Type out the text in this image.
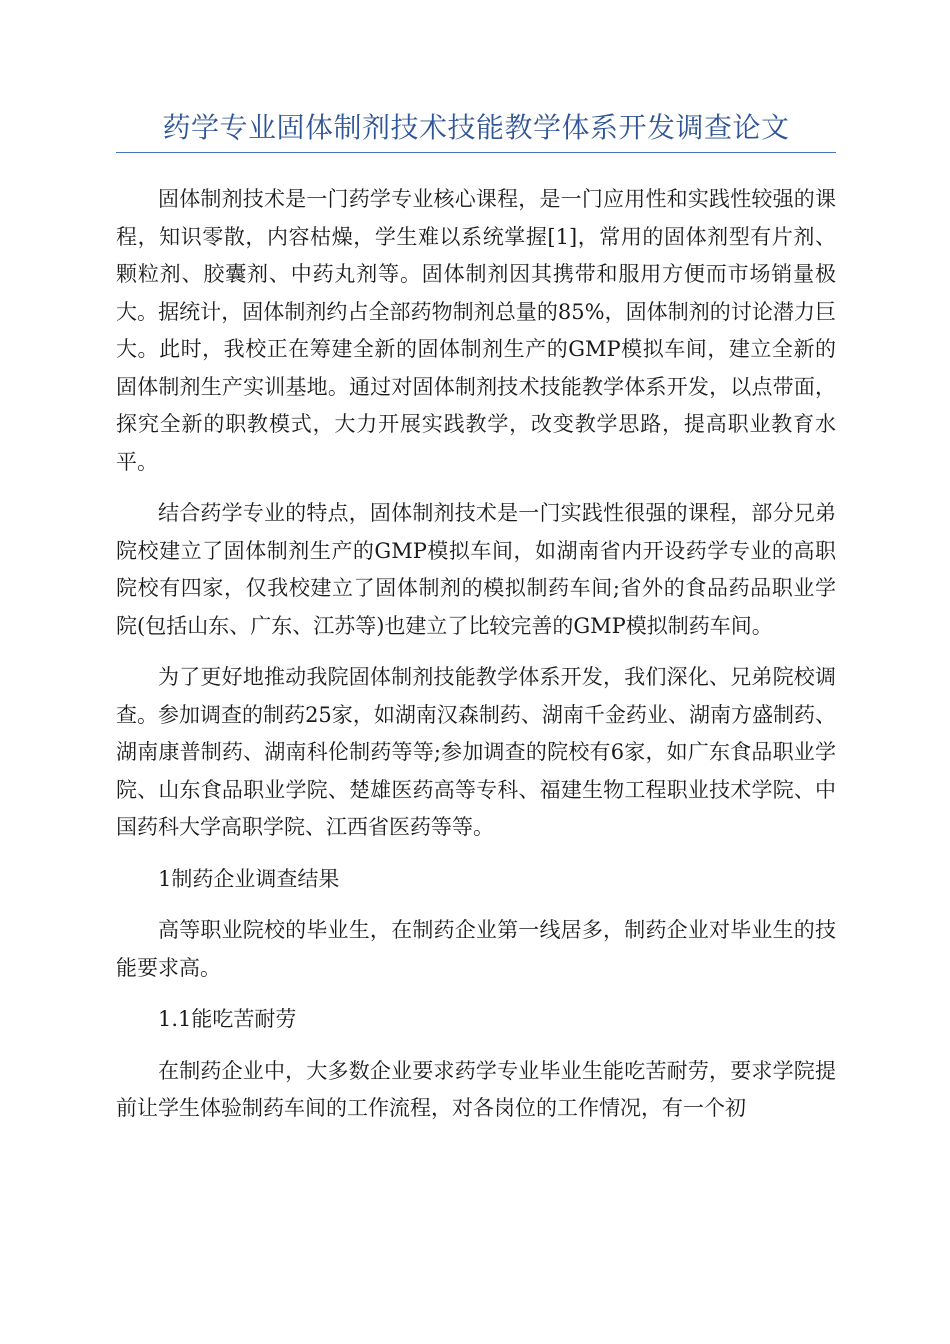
药学专业固体制剂技术技能教学体系开发调查论文

固体制剂技术是一门药学专业核心课程，是一门应用性和实践性较强的课程，知识零散，内容枯燥，学生难以系统掌握[1]，常用的固体剂型有片剂、颗粒剂、胶囊剂、中药丸剂等。固体制剂因其携带和服用方便而市场销量极大。据统计，固体制剂约占全部药物制剂总量的85%，固体制剂的讨论潜力巨大。此时，我校正在筹建全新的固体制剂生产的GMP模拟车间，建立全新的固体制剂生产实训基地。通过对固体制剂技术技能教学体系开发，以点带面，探究全新的职教模式，大力开展实践教学，改变教学思路，提高职业教育水平。

结合药学专业的特点，固体制剂技术是一门实践性很强的课程，部分兄弟院校建立了固体制剂生产的GMP模拟车间，如湖南省内开设药学专业的高职院校有四家，仅我校建立了固体制剂的模拟制药车间;省外的食品药品职业学院(包括山东、广东、江苏等)也建立了比较完善的GMP模拟制药车间。

为了更好地推动我院固体制剂技能教学体系开发，我们深化、兄弟院校调查。参加调查的制药25家，如湖南汉森制药、湖南千金药业、湖南方盛制药、湖南康普制药、湖南科伦制药等等;参加调查的院校有6家，如广东食品职业学院、山东食品职业学院、楚雄医药高等专科、福建生物工程职业技术学院、中国药科大学高职学院、江西省医药等等。

1制药企业调查结果

高等职业院校的毕业生，在制药企业第一线居多，制药企业对毕业生的技能要求高。

1.1能吃苦耐劳

在制药企业中，大多数企业要求药学专业毕业生能吃苦耐劳，要求学院提前让学生体验制药车间的工作流程，对各岗位的工作情况，有一个初
